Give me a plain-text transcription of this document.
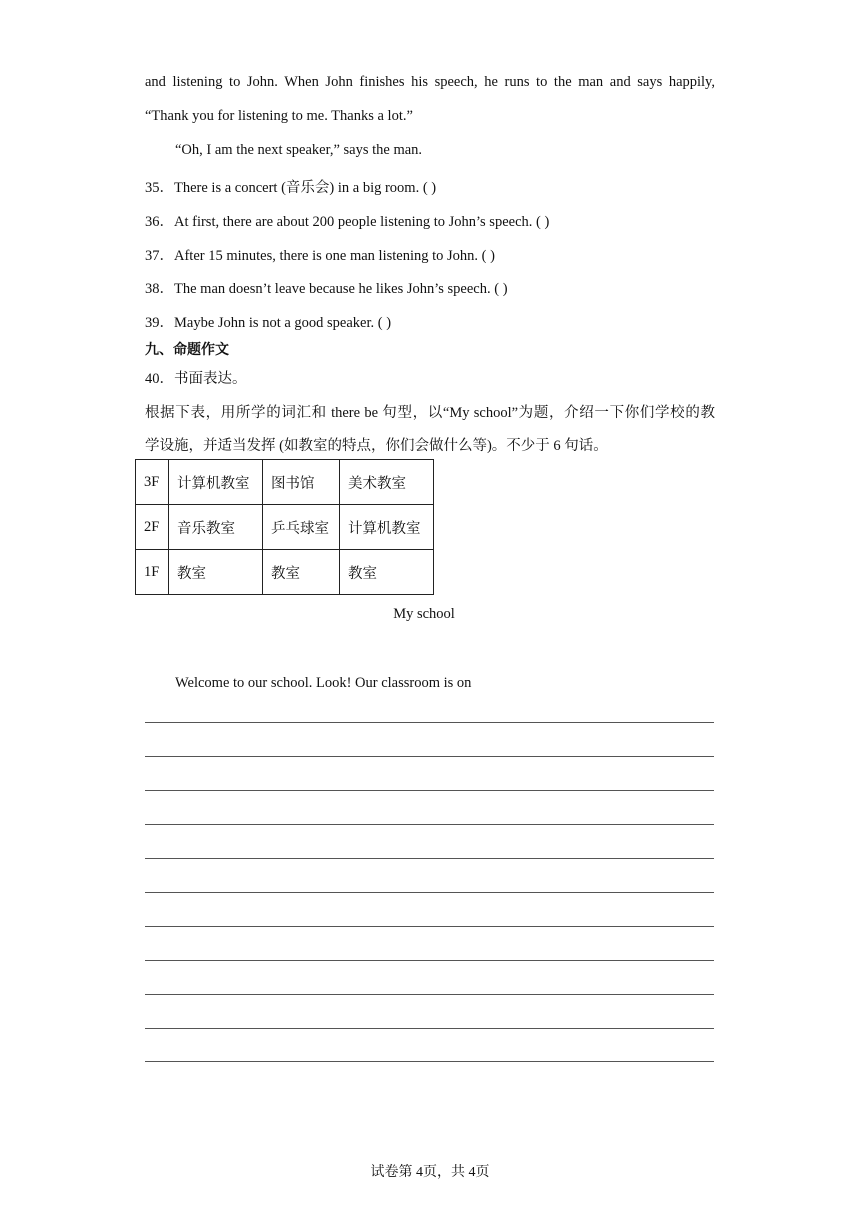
and listening to John. When John finishes his speech, he runs to the man and says happily,
“Thank you for listening to me. Thanks a lot.”
“Oh, I am the next speaker,” says the man.
35．There is a concert (音乐会) in a big room. ( )
36．At first, there are about 200 people listening to John’s speech. ( )
37．After 15 minutes, there is one man listening to John. ( )
38．The man doesn’t leave because he likes John’s speech. ( )
39．Maybe John is not a good speaker. ( )
九、命题作文
40．书面表达。
根据下表，用所学的词汇和 there be 句型，以“My school”为题，介绍一下你们学校的教
学设施，并适当发挥 (如教室的特点，你们会做什么等)。不少于 6 句话。
3F	计算机教室	图书馆	美术教室
2F	音乐教室	乒乓球室	计算机教室
1F	教室	教室	教室
My school
Welcome to our school. Look! Our classroom is on
试卷第 4页，共 4页
